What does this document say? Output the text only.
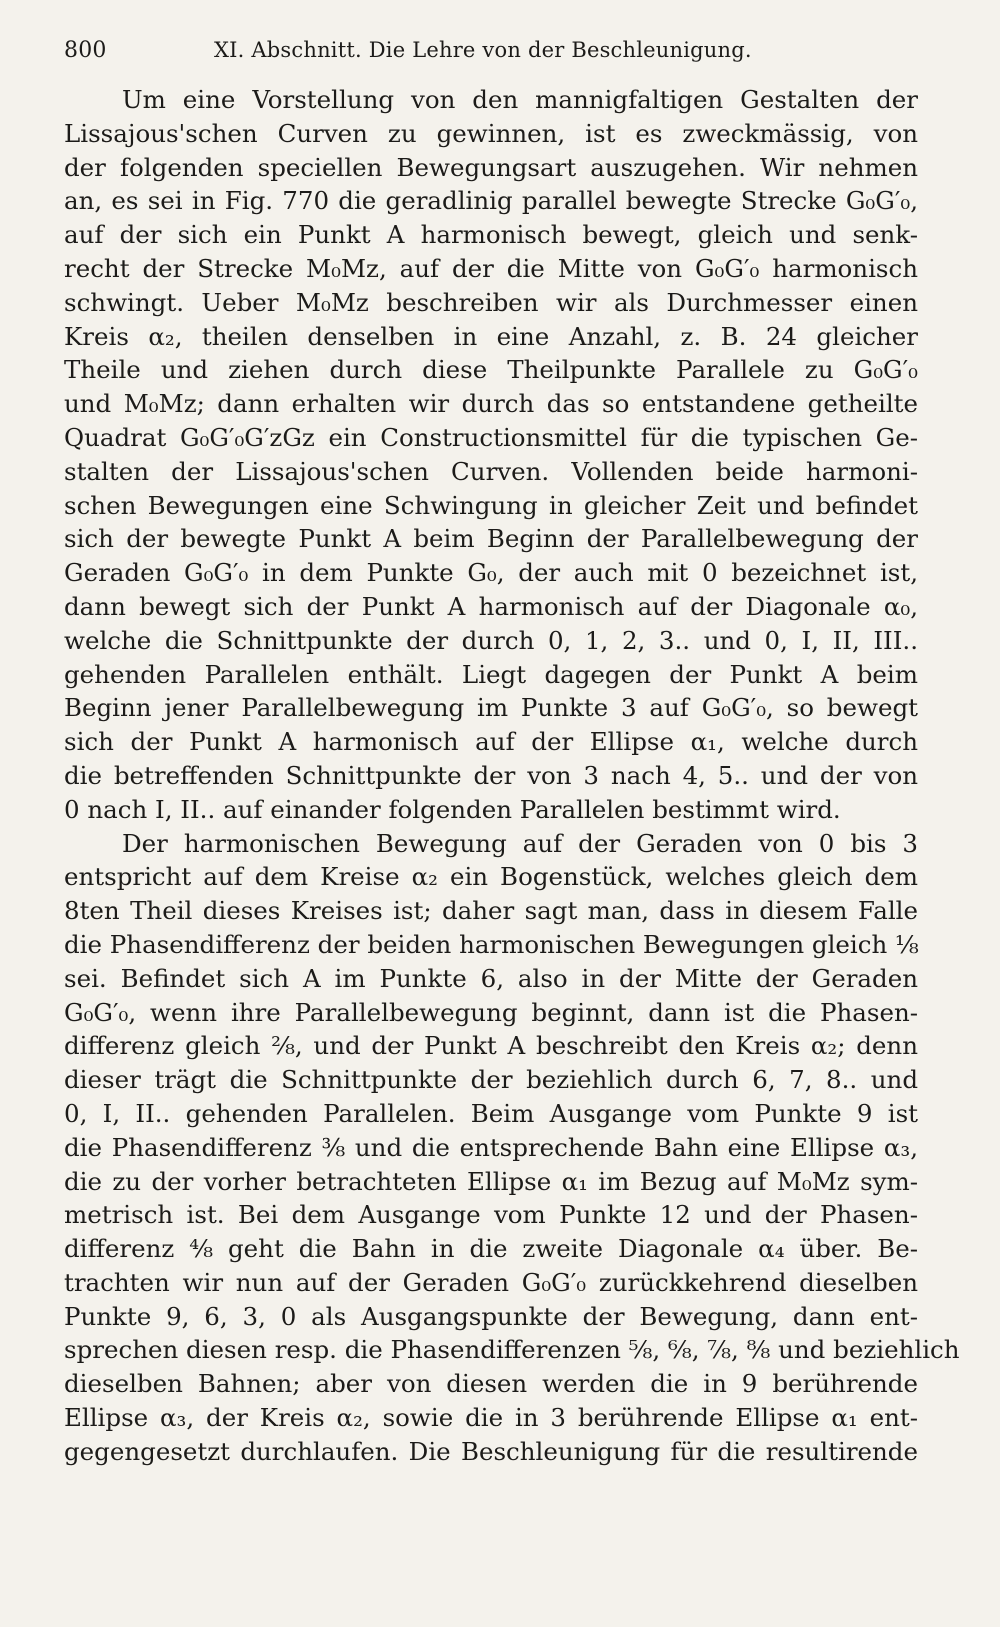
800	XI. Abschnitt. Die Lehre von der Beschleunigung.

Um eine Vorstellung von den mannigfaltigen Gestalten der
Lissajous'schen Curven zu gewinnen, ist es zweckmässig, von
der folgenden speciellen Bewegungsart auszugehen. Wir nehmen
an, es sei in Fig. 770 die geradlinig parallel bewegte Strecke G₀G′₀,
auf der sich ein Punkt A harmonisch bewegt, gleich und senk-
recht der Strecke M₀Mz, auf der die Mitte von G₀G′₀ harmonisch
schwingt. Ueber M₀Mz beschreiben wir als Durchmesser einen
Kreis α₂, theilen denselben in eine Anzahl, z. B. 24 gleicher
Theile und ziehen durch diese Theilpunkte Parallele zu G₀G′₀
und M₀Mz; dann erhalten wir durch das so entstandene getheilte
Quadrat G₀G′₀G′zGz ein Constructionsmittel für die typischen Ge-
stalten der Lissajous'schen Curven. Vollenden beide harmoni-
schen Bewegungen eine Schwingung in gleicher Zeit und befindet
sich der bewegte Punkt A beim Beginn der Parallelbewegung der
Geraden G₀G′₀ in dem Punkte G₀, der auch mit 0 bezeichnet ist,
dann bewegt sich der Punkt A harmonisch auf der Diagonale α₀,
welche die Schnittpunkte der durch 0, 1, 2, 3.. und 0, I, II, III..
gehenden Parallelen enthält. Liegt dagegen der Punkt A beim
Beginn jener Parallelbewegung im Punkte 3 auf G₀G′₀, so bewegt
sich der Punkt A harmonisch auf der Ellipse α₁, welche durch
die betreffenden Schnittpunkte der von 3 nach 4, 5.. und der von
0 nach I, II.. auf einander folgenden Parallelen bestimmt wird.

Der harmonischen Bewegung auf der Geraden von 0 bis 3
entspricht auf dem Kreise α₂ ein Bogenstück, welches gleich dem
8ten Theil dieses Kreises ist; daher sagt man, dass in diesem Falle
die Phasendifferenz der beiden harmonischen Bewegungen gleich ⅛
sei. Befindet sich A im Punkte 6, also in der Mitte der Geraden
G₀G′₀, wenn ihre Parallelbewegung beginnt, dann ist die Phasen-
differenz gleich ²⁄₈, und der Punkt A beschreibt den Kreis α₂; denn
dieser trägt die Schnittpunkte der beziehlich durch 6, 7, 8.. und
0, I, II.. gehenden Parallelen. Beim Ausgange vom Punkte 9 ist
die Phasendifferenz ⅜ und die entsprechende Bahn eine Ellipse α₃,
die zu der vorher betrachteten Ellipse α₁ im Bezug auf M₀Mz sym-
metrisch ist. Bei dem Ausgange vom Punkte 12 und der Phasen-
differenz ⁴⁄₈ geht die Bahn in die zweite Diagonale α₄ über. Be-
trachten wir nun auf der Geraden G₀G′₀ zurückkehrend dieselben
Punkte 9, 6, 3, 0 als Ausgangspunkte der Bewegung, dann ent-
sprechen diesen resp. die Phasendifferenzen ⅝, ⁶⁄₈, ⅞, ⁸⁄₈ und beziehlich
dieselben Bahnen; aber von diesen werden die in 9 berührende
Ellipse α₃, der Kreis α₂, sowie die in 3 berührende Ellipse α₁ ent-
gegengesetzt durchlaufen. Die Beschleunigung für die resultirende
